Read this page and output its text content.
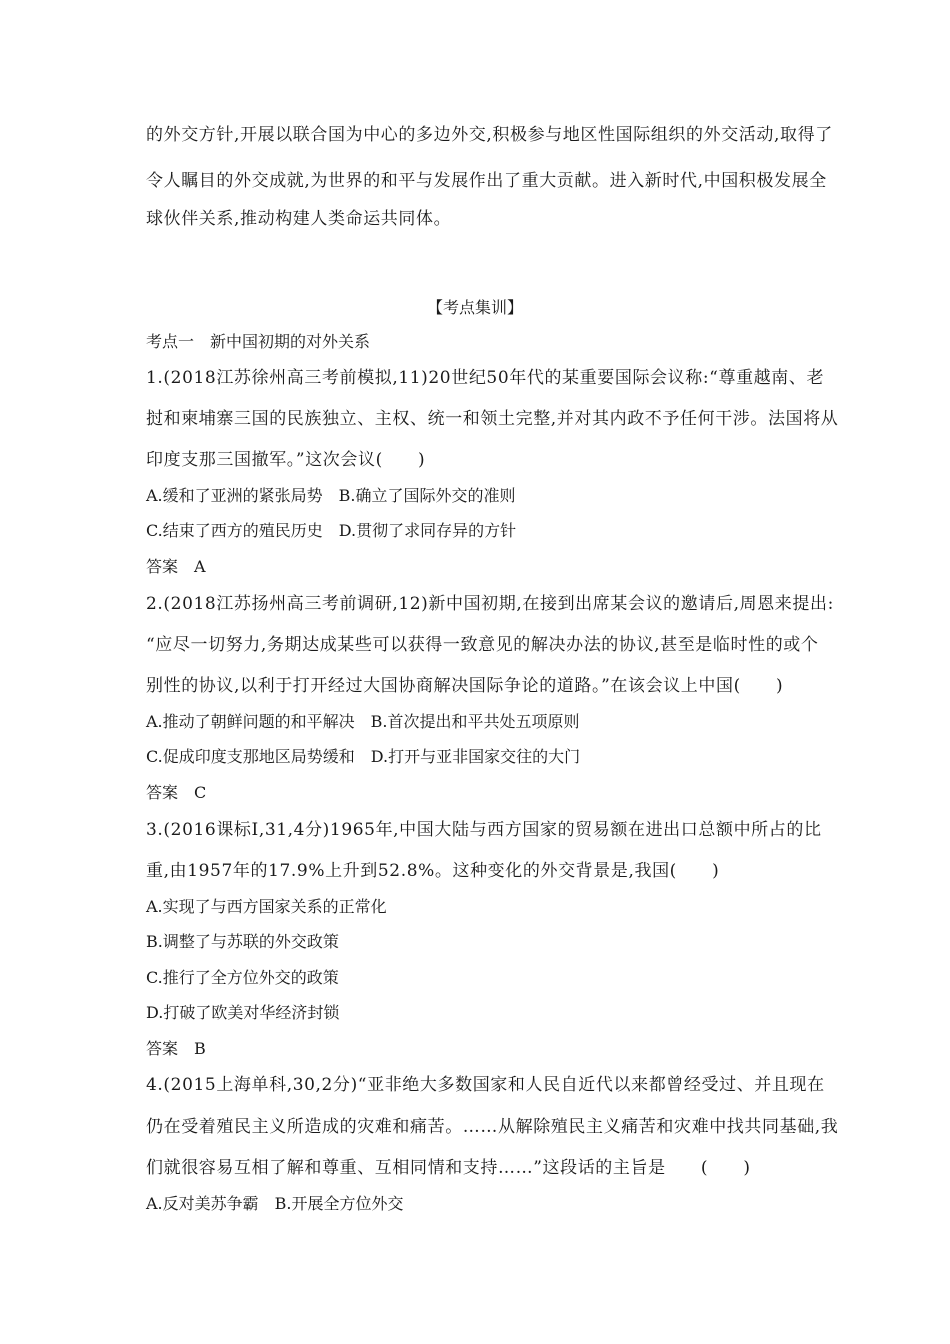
的外交方针,开展以联合国为中心的多边外交,积极参与地区性国际组织的外交活动,取得了
令人瞩目的外交成就,为世界的和平与发展作出了重大贡献。进入新时代,中国积极发展全
球伙伴关系,推动构建人类命运共同体。
【考点集训】
考点一　新中国初期的对外关系
1.(2018江苏徐州高三考前模拟,11)20世纪50年代的某重要国际会议称:“尊重越南、老
挝和柬埔寨三国的民族独立、主权、统一和领土完整,并对其内政不予任何干涉。法国将从
印度支那三国撤军。”这次会议(　　)
A.缓和了亚洲的紧张局势　B.确立了国际外交的准则
C.结束了西方的殖民历史　D.贯彻了求同存异的方针
答案　A
2.(2018江苏扬州高三考前调研,12)新中国初期,在接到出席某会议的邀请后,周恩来提出:
“应尽一切努力,务期达成某些可以获得一致意见的解决办法的协议,甚至是临时性的或个
别性的协议,以利于打开经过大国协商解决国际争论的道路。”在该会议上中国(　　)
A.推动了朝鲜问题的和平解决　B.首次提出和平共处五项原则
C.促成印度支那地区局势缓和　D.打开与亚非国家交往的大门
答案　C
3.(2016课标Ⅰ,31,4分)1965年,中国大陆与西方国家的贸易额在进出口总额中所占的比
重,由1957年的17.9%上升到52.8%。这种变化的外交背景是,我国(　　)
A.实现了与西方国家关系的正常化
B.调整了与苏联的外交政策
C.推行了全方位外交的政策
D.打破了欧美对华经济封锁
答案　B
4.(2015上海单科,30,2分)“亚非绝大多数国家和人民自近代以来都曾经受过、并且现在
仍在受着殖民主义所造成的灾难和痛苦。……从解除殖民主义痛苦和灾难中找共同基础,我
们就很容易互相了解和尊重、互相同情和支持……”这段话的主旨是　　(　　)
A.反对美苏争霸　B.开展全方位外交
